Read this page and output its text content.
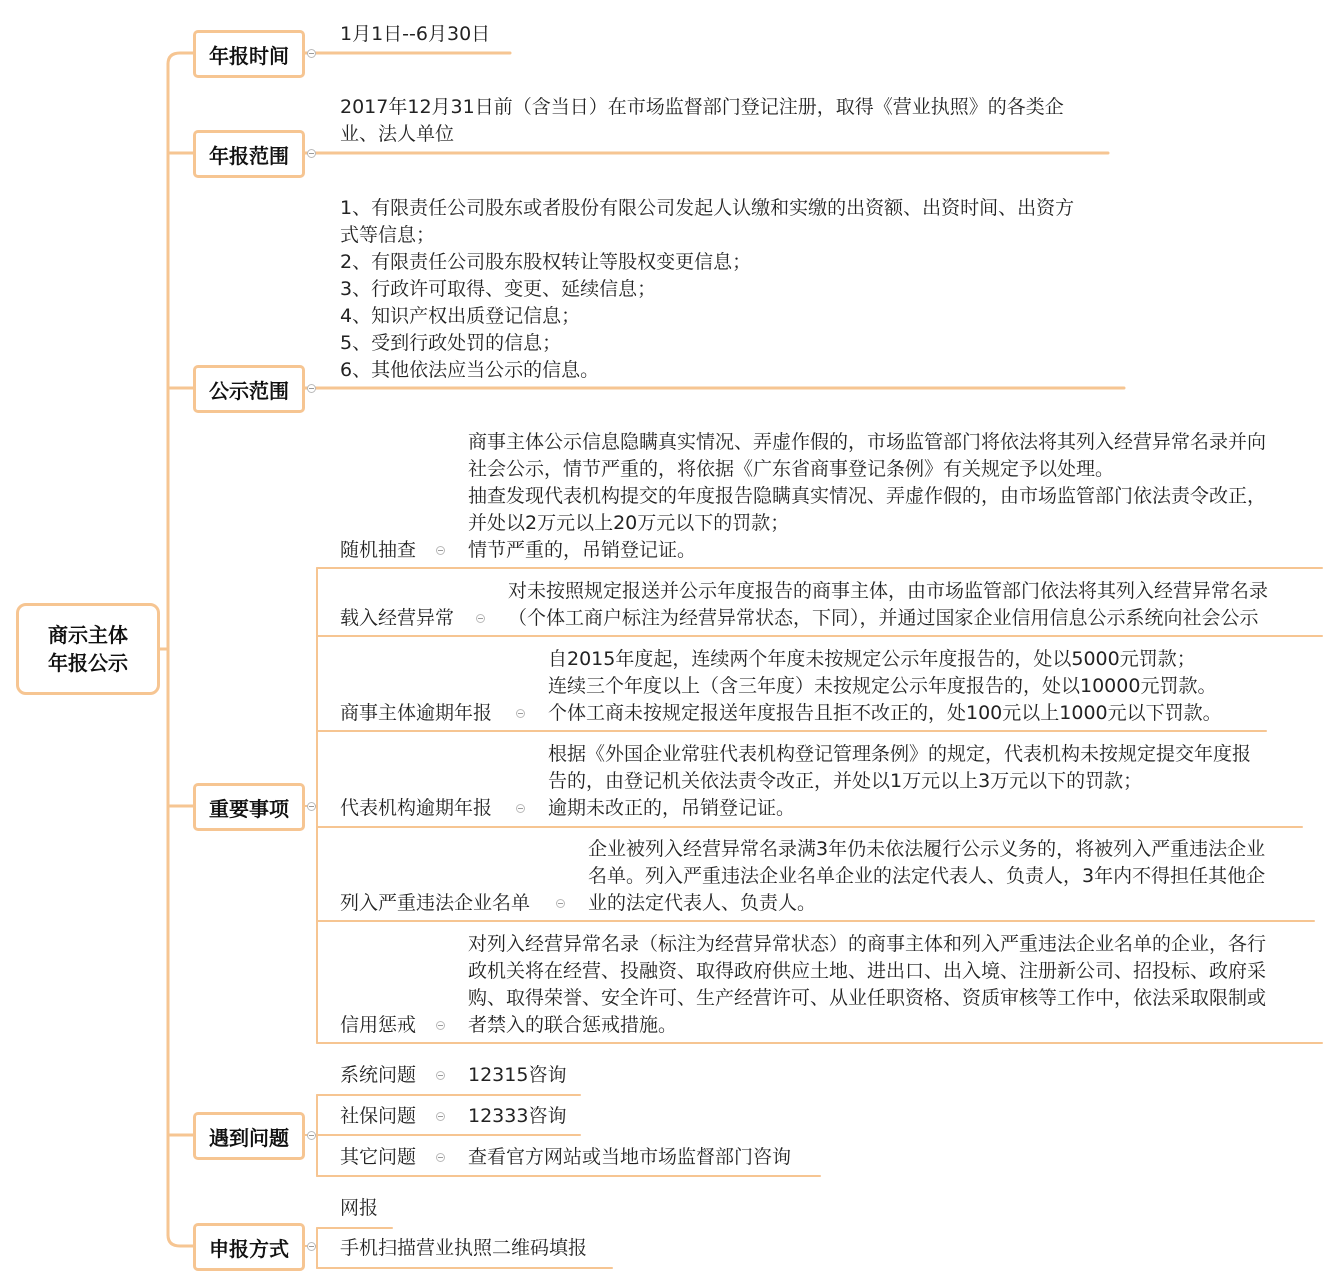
商示主体
年报公示
年报时间
年报范围
公示范围
重要事项
遇到问题
申报方式
1月1日--6月30日
2017年12月31日前（含当日）在市场监督部门登记注册，取得《营业执照》的各类企
业、法人单位
1、有限责任公司股东或者股份有限公司发起人认缴和实缴的出资额、出资时间、出资方
式等信息；
2、有限责任公司股东股权转让等股权变更信息；
3、行政许可取得、变更、延续信息；
4、知识产权出质登记信息；
5、受到行政处罚的信息；
6、其他依法应当公示的信息。
随机抽查
商事主体公示信息隐瞒真实情况、弄虚作假的，市场监管部门将依法将其列入经营异常名录并向
社会公示，情节严重的，将依据《广东省商事登记条例》有关规定予以处理。
抽查发现代表机构提交的年度报告隐瞒真实情况、弄虚作假的，由市场监管部门依法责令改正，
并处以2万元以上20万元以下的罚款；
情节严重的，吊销登记证。
载入经营异常
对未按照规定报送并公示年度报告的商事主体，由市场监管部门依法将其列入经营异常名录
（个体工商户标注为经营异常状态，下同），并通过国家企业信用信息公示系统向社会公示
商事主体逾期年报
自2015年度起，连续两个年度未按规定公示年度报告的，处以5000元罚款；
连续三个年度以上（含三年度）未按规定公示年度报告的，处以10000元罚款。
个体工商未按规定报送年度报告且拒不改正的，处100元以上1000元以下罚款。
代表机构逾期年报
根据《外国企业常驻代表机构登记管理条例》的规定，代表机构未按规定提交年度报
告的，由登记机关依法责令改正，并处以1万元以上3万元以下的罚款；
逾期未改正的，吊销登记证。
列入严重违法企业名单
企业被列入经营异常名录满3年仍未依法履行公示义务的，将被列入严重违法企业
名单。列入严重违法企业名单企业的法定代表人、负责人，3年内不得担任其他企
业的法定代表人、负责人。
信用惩戒
对列入经营异常名录（标注为经营异常状态）的商事主体和列入严重违法企业名单的企业，各行
政机关将在经营、投融资、取得政府供应土地、进出口、出入境、注册新公司、招投标、政府采
购、取得荣誉、安全许可、生产经营许可、从业任职资格、资质审核等工作中，依法采取限制或
者禁入的联合惩戒措施。
系统问题	12315咨询
社保问题	12333咨询
其它问题	查看官方网站或当地市场监督部门咨询
网报
手机扫描营业执照二维码填报
